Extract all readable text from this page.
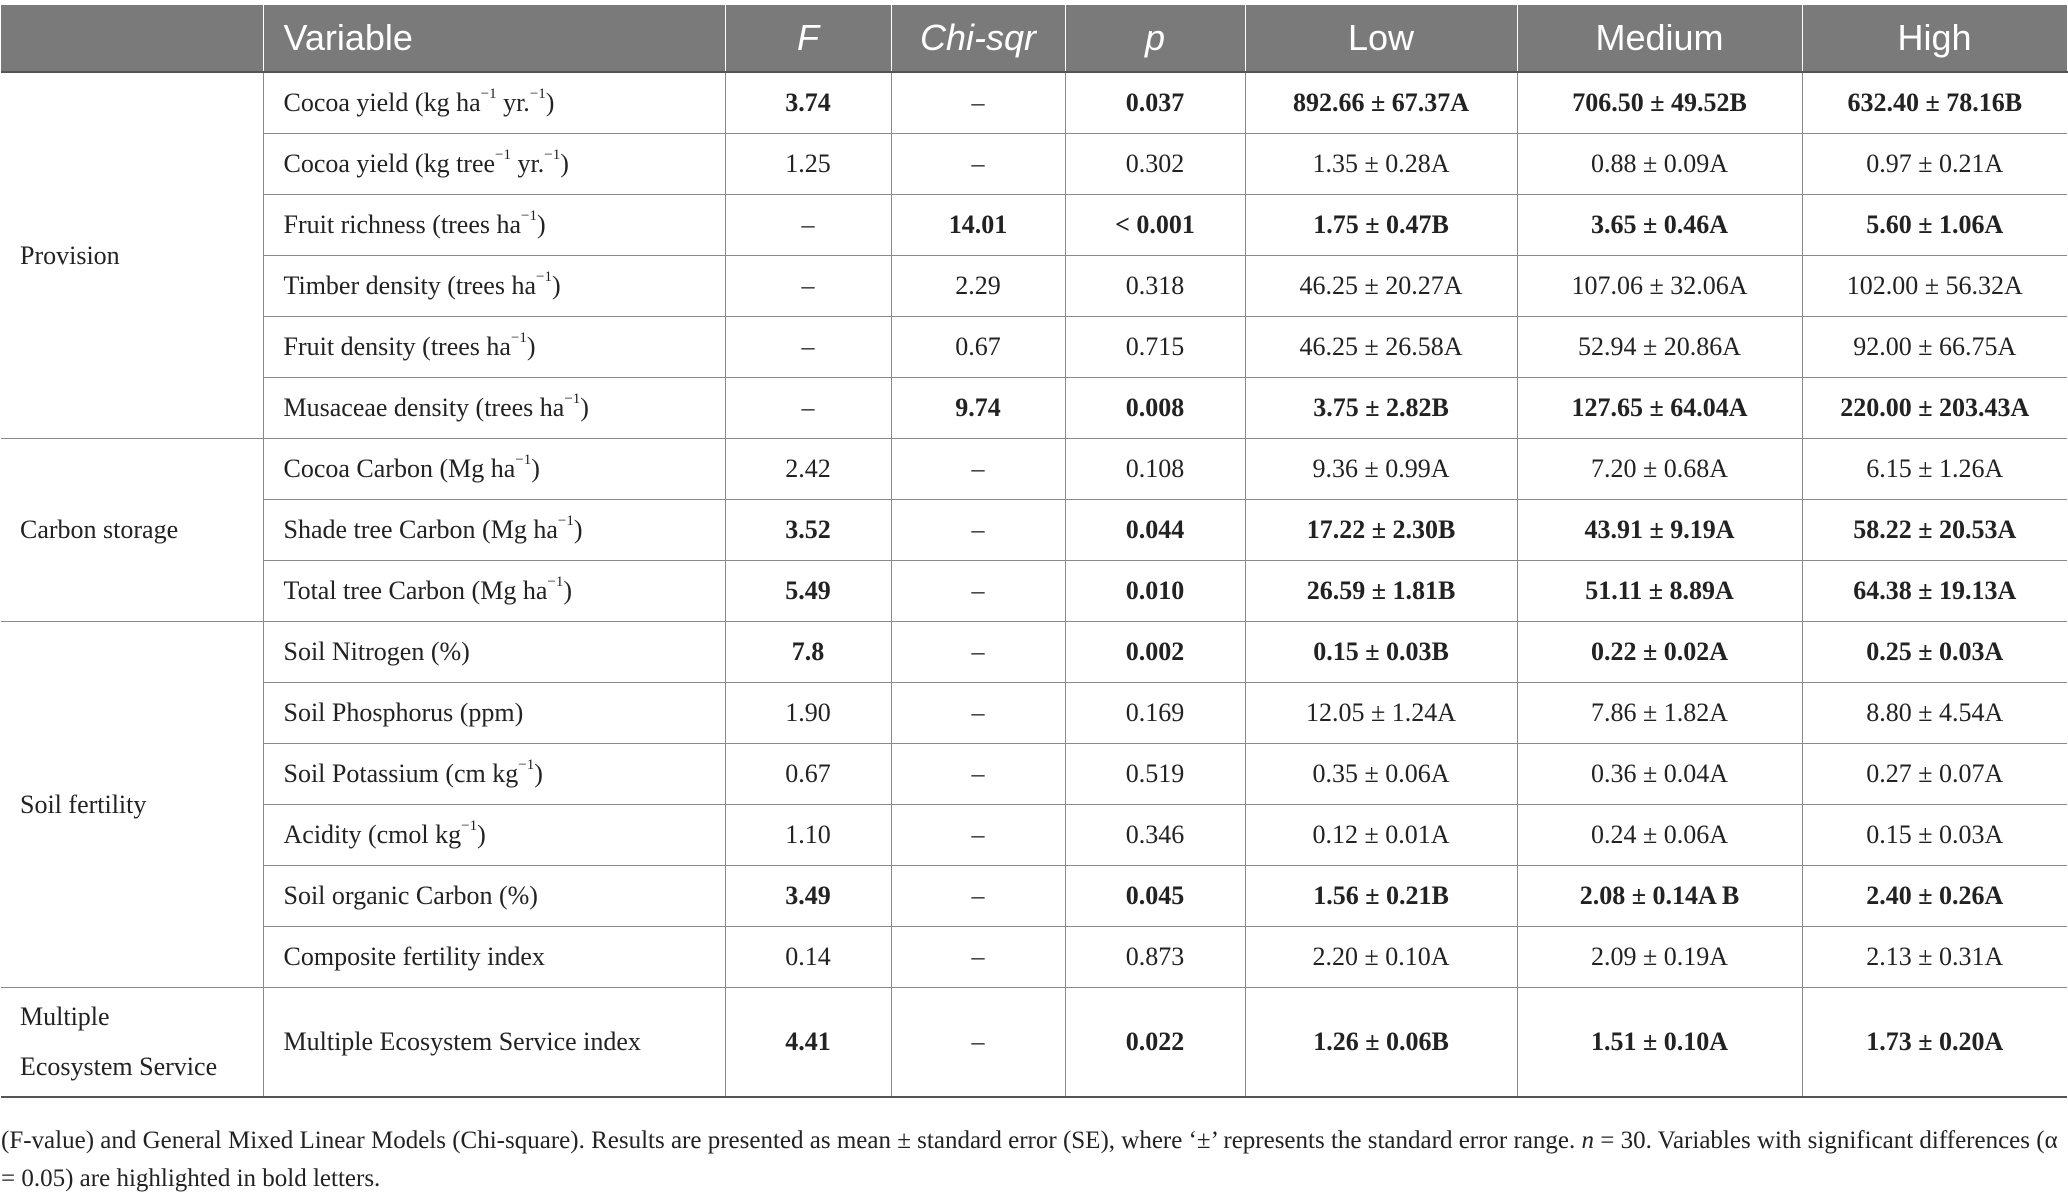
	Variable	F	Chi-sqr	p	Low	Medium	High
Provision	Cocoa yield (kg $ha^{-1}$ yr.$^{-1}$)	3.74	–	0.037	892.66 ± 67.37A	706.50 ± 49.52B	632.40 ± 78.16B
	Cocoa yield (kg tree$^{-1}$ yr.$^{-1}$)	1.25	–	0.302	1.35 ± 0.28A	0.88 ± 0.09A	0.97 ± 0.21A
	Fruit richness (trees $ha^{-1}$)	–	14.01	< 0.001	1.75 ± 0.47B	3.65 ± 0.46A	5.60 ± 1.06A
	Timber density (trees $ha^{-1}$)	–	2.29	0.318	46.25 ± 20.27A	107.06 ± 32.06A	102.00 ± 56.32A
	Fruit density (trees $ha^{-1}$)	–	0.67	0.715	46.25 ± 26.58A	52.94 ± 20.86A	92.00 ± 66.75A
	Musaceae density (trees $ha^{-1}$)	–	9.74	0.008	3.75 ± 2.82B	127.65 ± 64.04A	220.00 ± 203.43A
Carbon storage	Cocoa Carbon (Mg $ha^{-1}$)	2.42	–	0.108	9.36 ± 0.99A	7.20 ± 0.68A	6.15 ± 1.26A
	Shade tree Carbon (Mg $ha^{-1}$)	3.52	–	0.044	17.22 ± 2.30B	43.91 ± 9.19A	58.22 ± 20.53A
	Total tree Carbon (Mg $ha^{-1}$)	5.49	–	0.010	26.59 ± 1.81B	51.11 ± 8.89A	64.38 ± 19.13A
Soil fertility	Soil Nitrogen (%)	7.8	–	0.002	0.15 ± 0.03B	0.22 ± 0.02A	0.25 ± 0.03A
	Soil Phosphorus (ppm)	1.90	–	0.169	12.05 ± 1.24A	7.86 ± 1.82A	8.80 ± 4.54A
	Soil Potassium (cm $kg^{-1}$)	0.67	–	0.519	0.35 ± 0.06A	0.36 ± 0.04A	0.27 ± 0.07A
	Acidity (cmol $kg^{-1}$)	1.10	–	0.346	0.12 ± 0.01A	0.24 ± 0.06A	0.15 ± 0.03A
	Soil organic Carbon (%)	3.49	–	0.045	1.56 ± 0.21B	2.08 ± 0.14A B	2.40 ± 0.26A
	Composite fertility index	0.14	–	0.873	2.20 ± 0.10A	2.09 ± 0.19A	2.13 ± 0.31A
Multiple
Ecosystem Service	Multiple Ecosystem Service index	4.41	–	0.022	1.26 ± 0.06B	1.51 ± 0.10A	1.73 ± 0.20A
(F-value) and General Mixed Linear Models (Chi-square). Results are presented as mean ± standard error (SE), where ‘±’ represents the standard error range. n = 30. Variables with significant differences (α = 0.05) are highlighted in bold letters.
